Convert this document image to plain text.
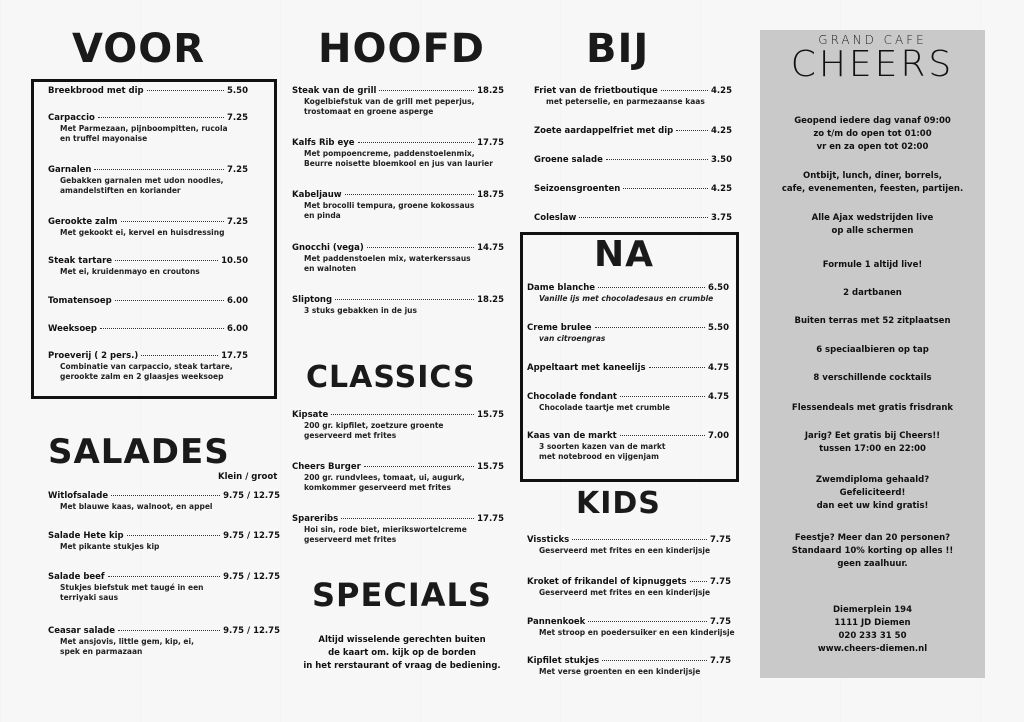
VOOR	HOOFD	BIJ
SALADES
CLASSICS
SPECIALS
KIDS
NA
Klein / groot
Breekbrood met dip	5.50
Carpaccio	7.25
Met Parmezaan, pijnboompitten, rucola
en truffel mayonaise
Garnalen	7.25
Gebakken garnalen met udon noodles,
amandelstiften en koriander
Gerookte zalm	7.25
Met gekookt ei, kervel en huisdressing
Steak tartare	10.50
Met ei, kruidenmayo en croutons
Tomatensoep	6.00
Weeksoep	6.00
Proeverij ( 2 pers.)	17.75
Combinatie van carpaccio, steak tartare,
gerookte zalm en 2 glaasjes weeksoep
Witlofsalade	9.75 / 12.75
Met blauwe kaas, walnoot, en appel
Salade Hete kip	9.75 / 12.75
Met pikante stukjes kip
Salade beef	9.75 / 12.75
Stukjes biefstuk met taugé in een
terriyaki saus
Ceasar salade	9.75 / 12.75
Met ansjovis, little gem, kip, ei,
spek en parmazaan
Steak van de grill	18.25
Kogelbiefstuk van de grill met peperjus,
trostomaat en groene asperge
Kalfs Rib eye	17.75
Met pompoencreme, paddenstoelenmix,
Beurre noisette bloemkool en jus van laurier
Kabeljauw	18.75
Met brocolli tempura, groene kokossaus
en pinda
Gnocchi (vega)	14.75
Met paddenstoelen mix, waterkerssaus
en walnoten
Sliptong	18.25
3 stuks gebakken in de jus
Kipsate	15.75
200 gr. kipfilet, zoetzure groente
geserveerd met frites
Cheers Burger	15.75
200 gr. rundvlees, tomaat, ui, augurk,
komkommer geserveerd met frites
Spareribs	17.75
Hoi sin, rode biet, mierikswortelcreme
geserveerd met frites
Friet van de frietboutique	4.25
met peterselie, en parmezaanse kaas
Zoete aardappelfriet met dip	4.25
Groene salade	3.50
Seizoensgroenten	4.25
Coleslaw	3.75
Dame blanche	6.50
Vanille ijs met chocoladesaus en crumble
Creme brulee	5.50
van citroengras
Appeltaart met kaneelijs	4.75
Chocolade fondant	4.75
Chocolade taartje met crumble
Kaas van de markt	7.00
3 soorten kazen van de markt
met notebrood en vijgenjam
Vissticks	7.75
Geserveerd met frites en een kinderijsje
Kroket of frikandel of kipnuggets	7.75
Geserveerd met frites en een kinderijsje
Pannenkoek	7.75
Met stroop en poedersuiker en een kinderijsje
Kipfilet stukjes	7.75
Met verse groenten en een kinderijsje
Altijd wisselende gerechten buiten
de kaart om. kijk op de borden
in het rerstaurant of vraag de bediening.
GRAND CAFE
CHEERS
Geopend iedere dag vanaf 09:00
zo t/m do open tot 01:00
vr en za open tot 02:00
Ontbijt, lunch, diner, borrels,
cafe, evenementen, feesten, partijen.
Alle Ajax wedstrijden live
op alle schermen
Formule 1 altijd live!
2 dartbanen
Buiten terras met 52 zitplaatsen
6 speciaalbieren op tap
8 verschillende cocktails
Flessendeals met gratis frisdrank
Jarig? Eet gratis bij Cheers!!
tussen 17:00 en 22:00
Zwemdiploma gehaald?
Gefeliciteerd!
dan eet uw kind gratis!
Feestje? Meer dan 20 personen?
Standaard 10% korting op alles !!
geen zaalhuur.
Diemerplein 194
1111 JD Diemen
020 233 31 50
www.cheers-diemen.nl
